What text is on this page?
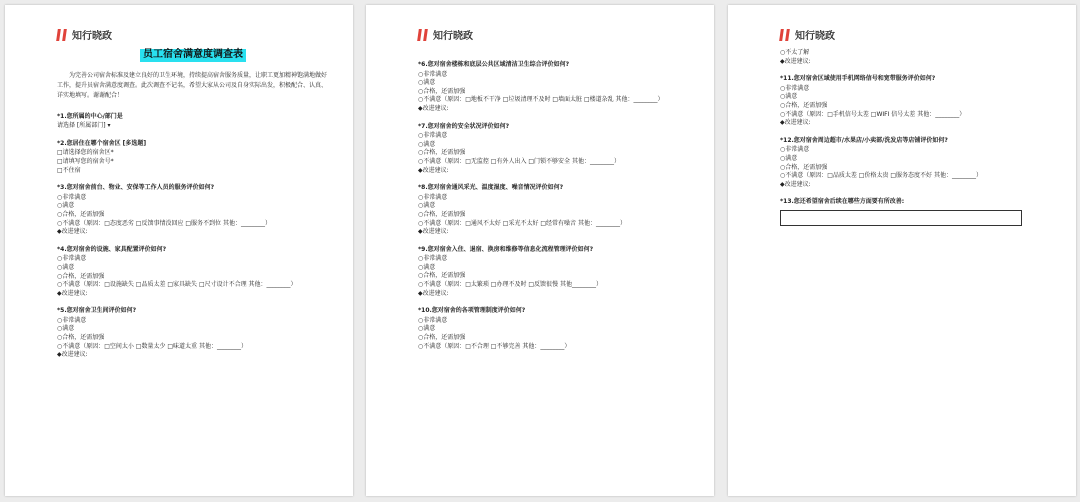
知行晓政
员工宿舍满意度调查表
为完善公司宿舍标准及建立良好的卫生环境，持续提高宿舍服务质量，让职工更加精神饱满地做好工作，提升员宿舍满意度调查。此次调查不记名，希望大家从公司及自身实际出发，积极配合、认真、详实地填写。谢谢配合！
*1.您所属的中心/部门是
请选择 [所属部门] ▾
*2.您居住在哪个宿舍区 [多选题]
□请选择您的宿舍区*
□请填写您的宿舍号*
□不住宿
*3.您对宿舍前台、物业、安保等工作人员的服务评价如何?
○非常满意
○满意
○合格，还需加强
○不满意（原因：□态度恶劣 □反馈事情没回应 □服务不到位 其他：________）
◆改进建议:
*4.您对宿舍的设施、家具配置评价如何?
○非常满意
○满意
○合格，还需加强
○不满意（原因：□设施缺失 □品质太差 □家具缺失 □尺寸设计不合理 其他：________）
◆改进建议:
*5.您对宿舍卫生间评价如何?
○非常满意
○满意
○合格，还需加强
○不满意（原因：□空间太小 □数量太少 □味道太重 其他：________）
◆改进建议:
知行晓政
*6.您对宿舍楼栋和底层公共区域清洁卫生综合评价如何?
○非常满意
○满意
○合格，还需加强
○不满意（原因：□地板不干净 □垃圾清理不及时 □墙面太脏 □楼道杂乱 其他：________）
◆改进建议:
*7.您对宿舍的安全状况评价如何?
○非常满意
○满意
○合格，还需加强
○不满意（原因：□无监控 □有外人出入 □门锁不够安全 其他：________）
◆改进建议:
*8.您对宿舍通风采光、温度湿度、噪音情况评价如何?
○非常满意
○满意
○合格，还需加强
○不满意（原因：□通风不太好 □采光不太好 □经常有噪音 其他：________）
◆改进建议:
*9.您对宿舍入住、退宿、换房和维修等信息化流程管理评价如何?
○非常满意
○满意
○合格，还需加强
○不满意（原因：□太繁琐 □办理不及时 □反馈很慢 其他________）
◆改进建议:
*10.您对宿舍的各项管理制度评价如何?
○非常满意
○满意
○合格，还需加强
○不满意（原因：□不合理 □不够完善 其他：________）
知行晓政
○不太了解
◆改进建议:
*11.您对宿舍区域使用手机网络信号和宽带服务评价如何?
○非常满意
○满意
○合格，还需加强
○不满意（原因：□手机信号太差 □WIFI 信号太差 其他：________）
◆改进建议:
*12.您对宿舍周边超市/水果店/小卖部/洗发店等店铺评价如何?
○非常满意
○满意
○合格，还需加强
○不满意（原因：□品质太差 □价格太贵 □服务态度不好 其他：________）
◆改进建议:
*13.您还希望宿舍后续在哪些方面要有所改善:
